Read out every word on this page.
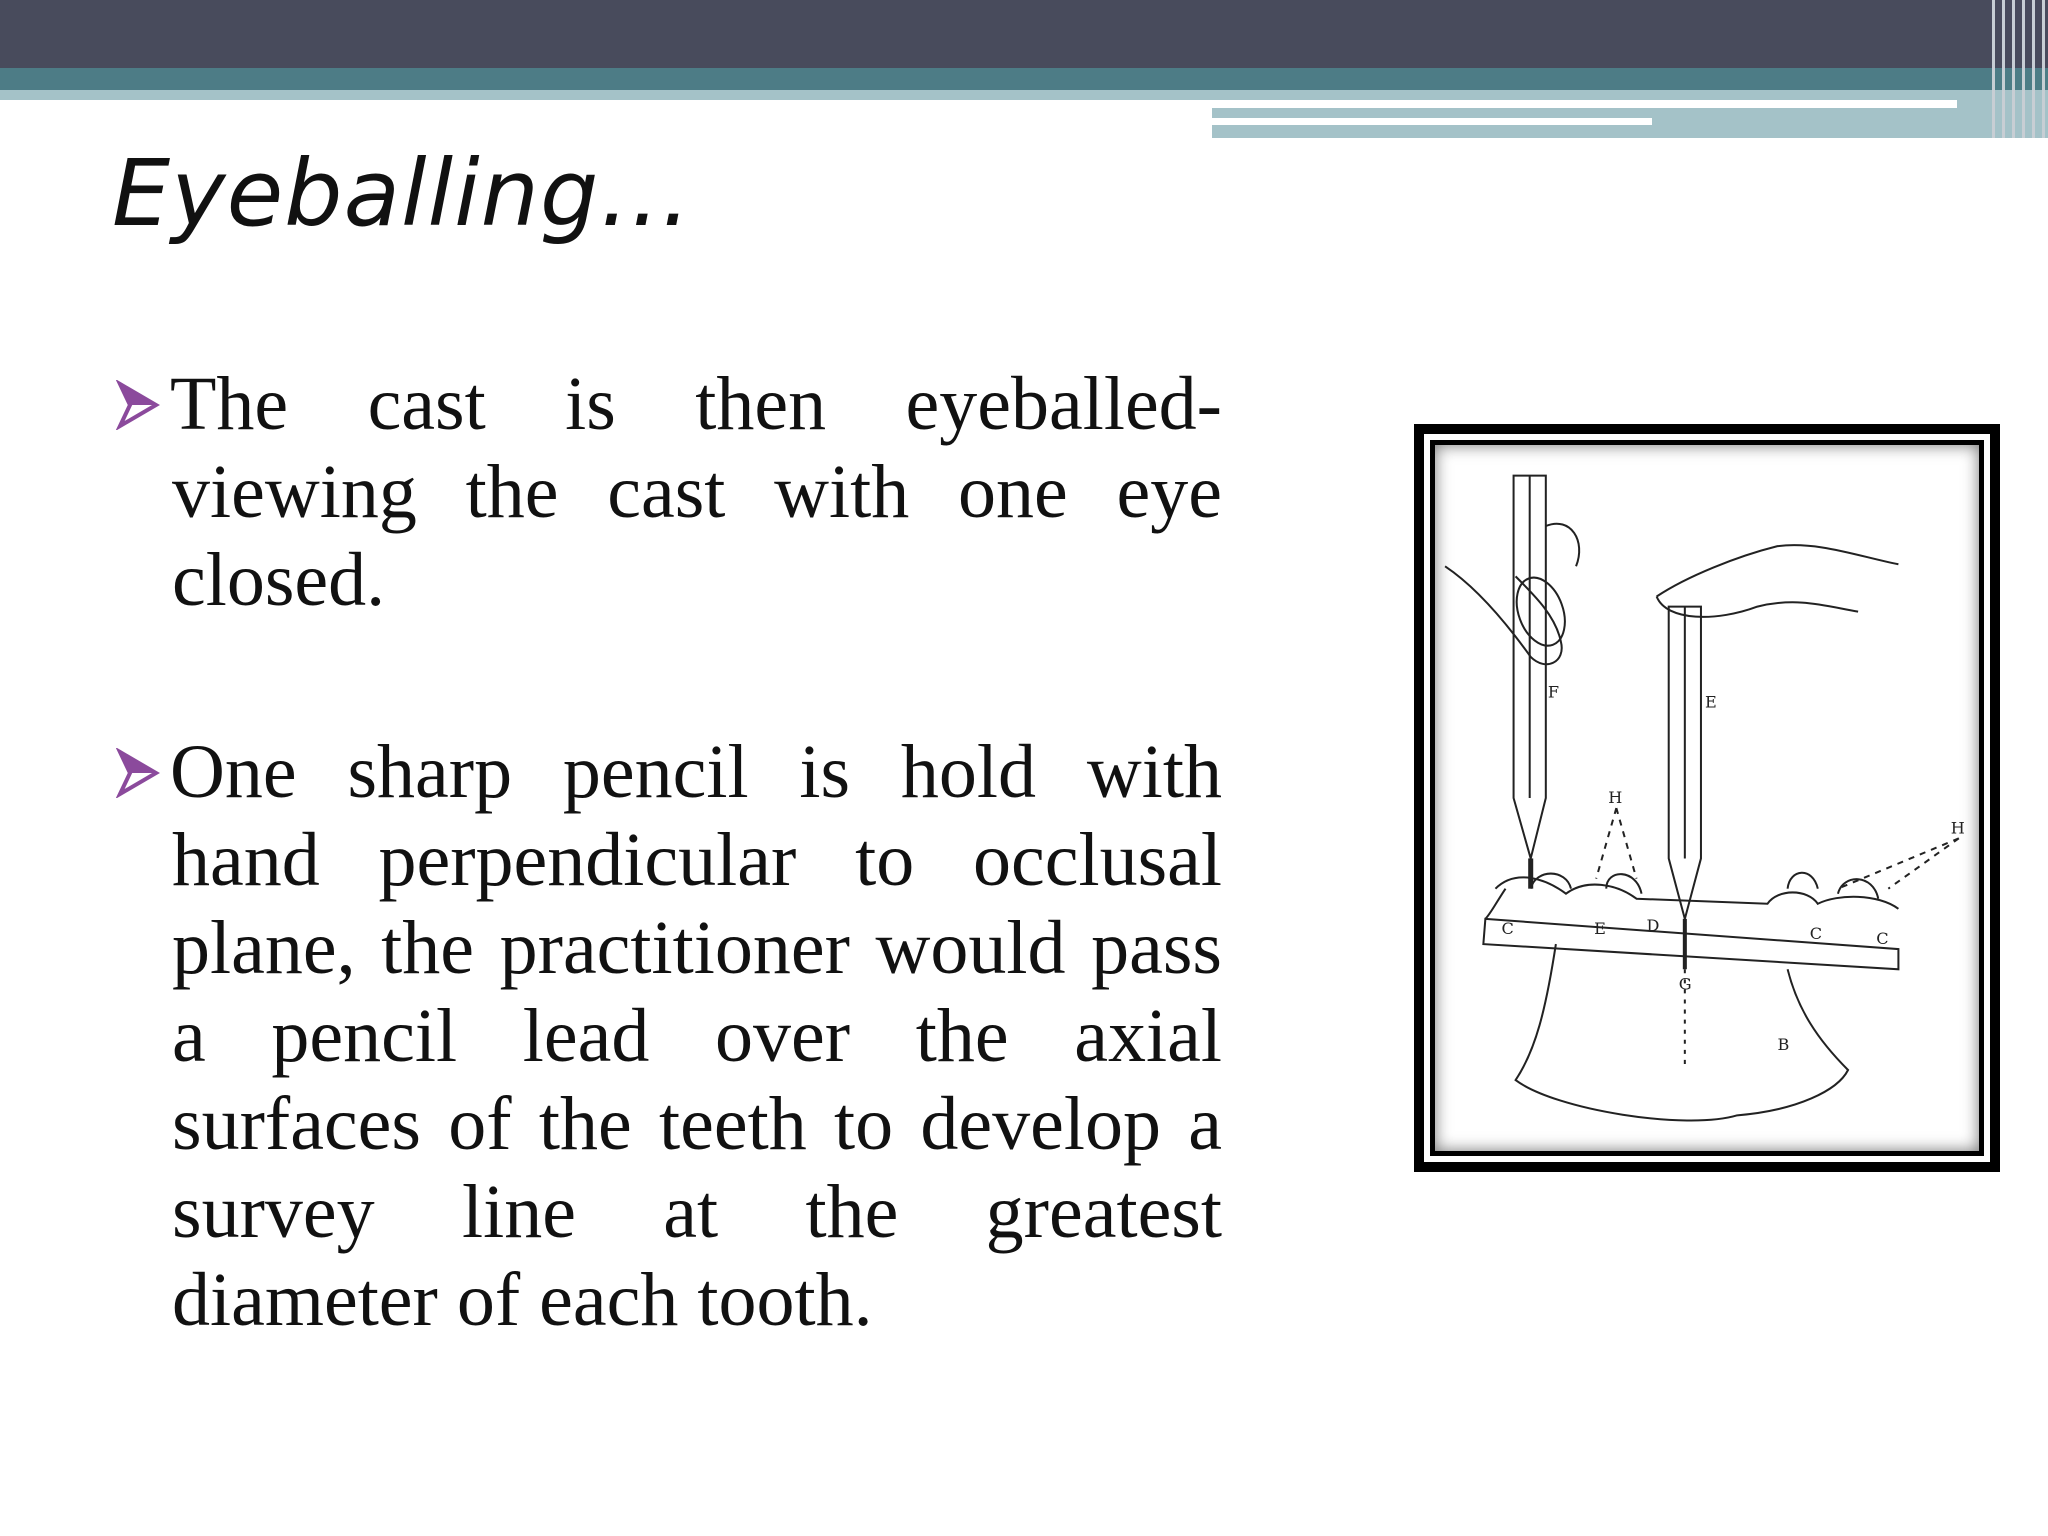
Eyeballing…

The cast is then eyeballed- viewing the cast with one eye closed.

One sharp pencil is hold with hand perpendicular to occlusal plane, the practitioner would pass a pencil lead over the axial surfaces of the teeth to develop a survey line at the greatest diameter of each tooth.

F
E
H
H
C	E	D	C	C
G
B
